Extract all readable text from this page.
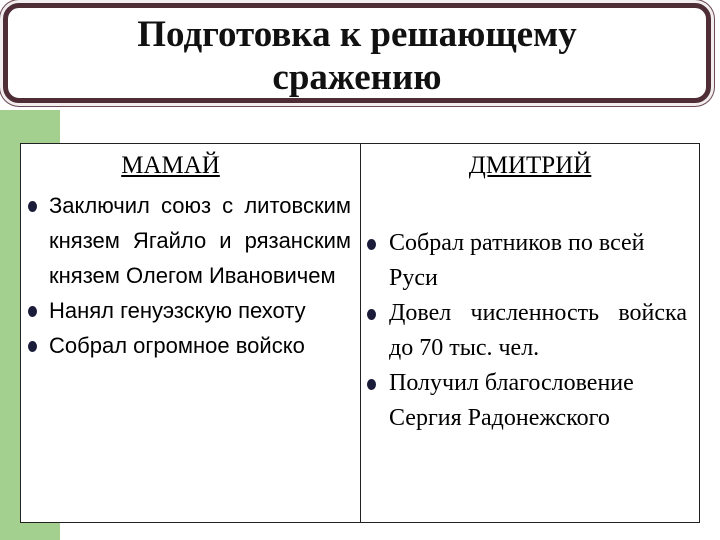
Подготовка к решающему
сражению
МАМАЙ
Заключил союз с литовским князем Ягайло и рязанским князем Олегом Ивановичем
Нанял генуэзскую пехоту
Собрал огромное войско
ДМИТРИЙ
Собрал ратников по всей Руси
Довел численность войска до 70 тыс. чел.
Получил благословение Сергия Радонежского
